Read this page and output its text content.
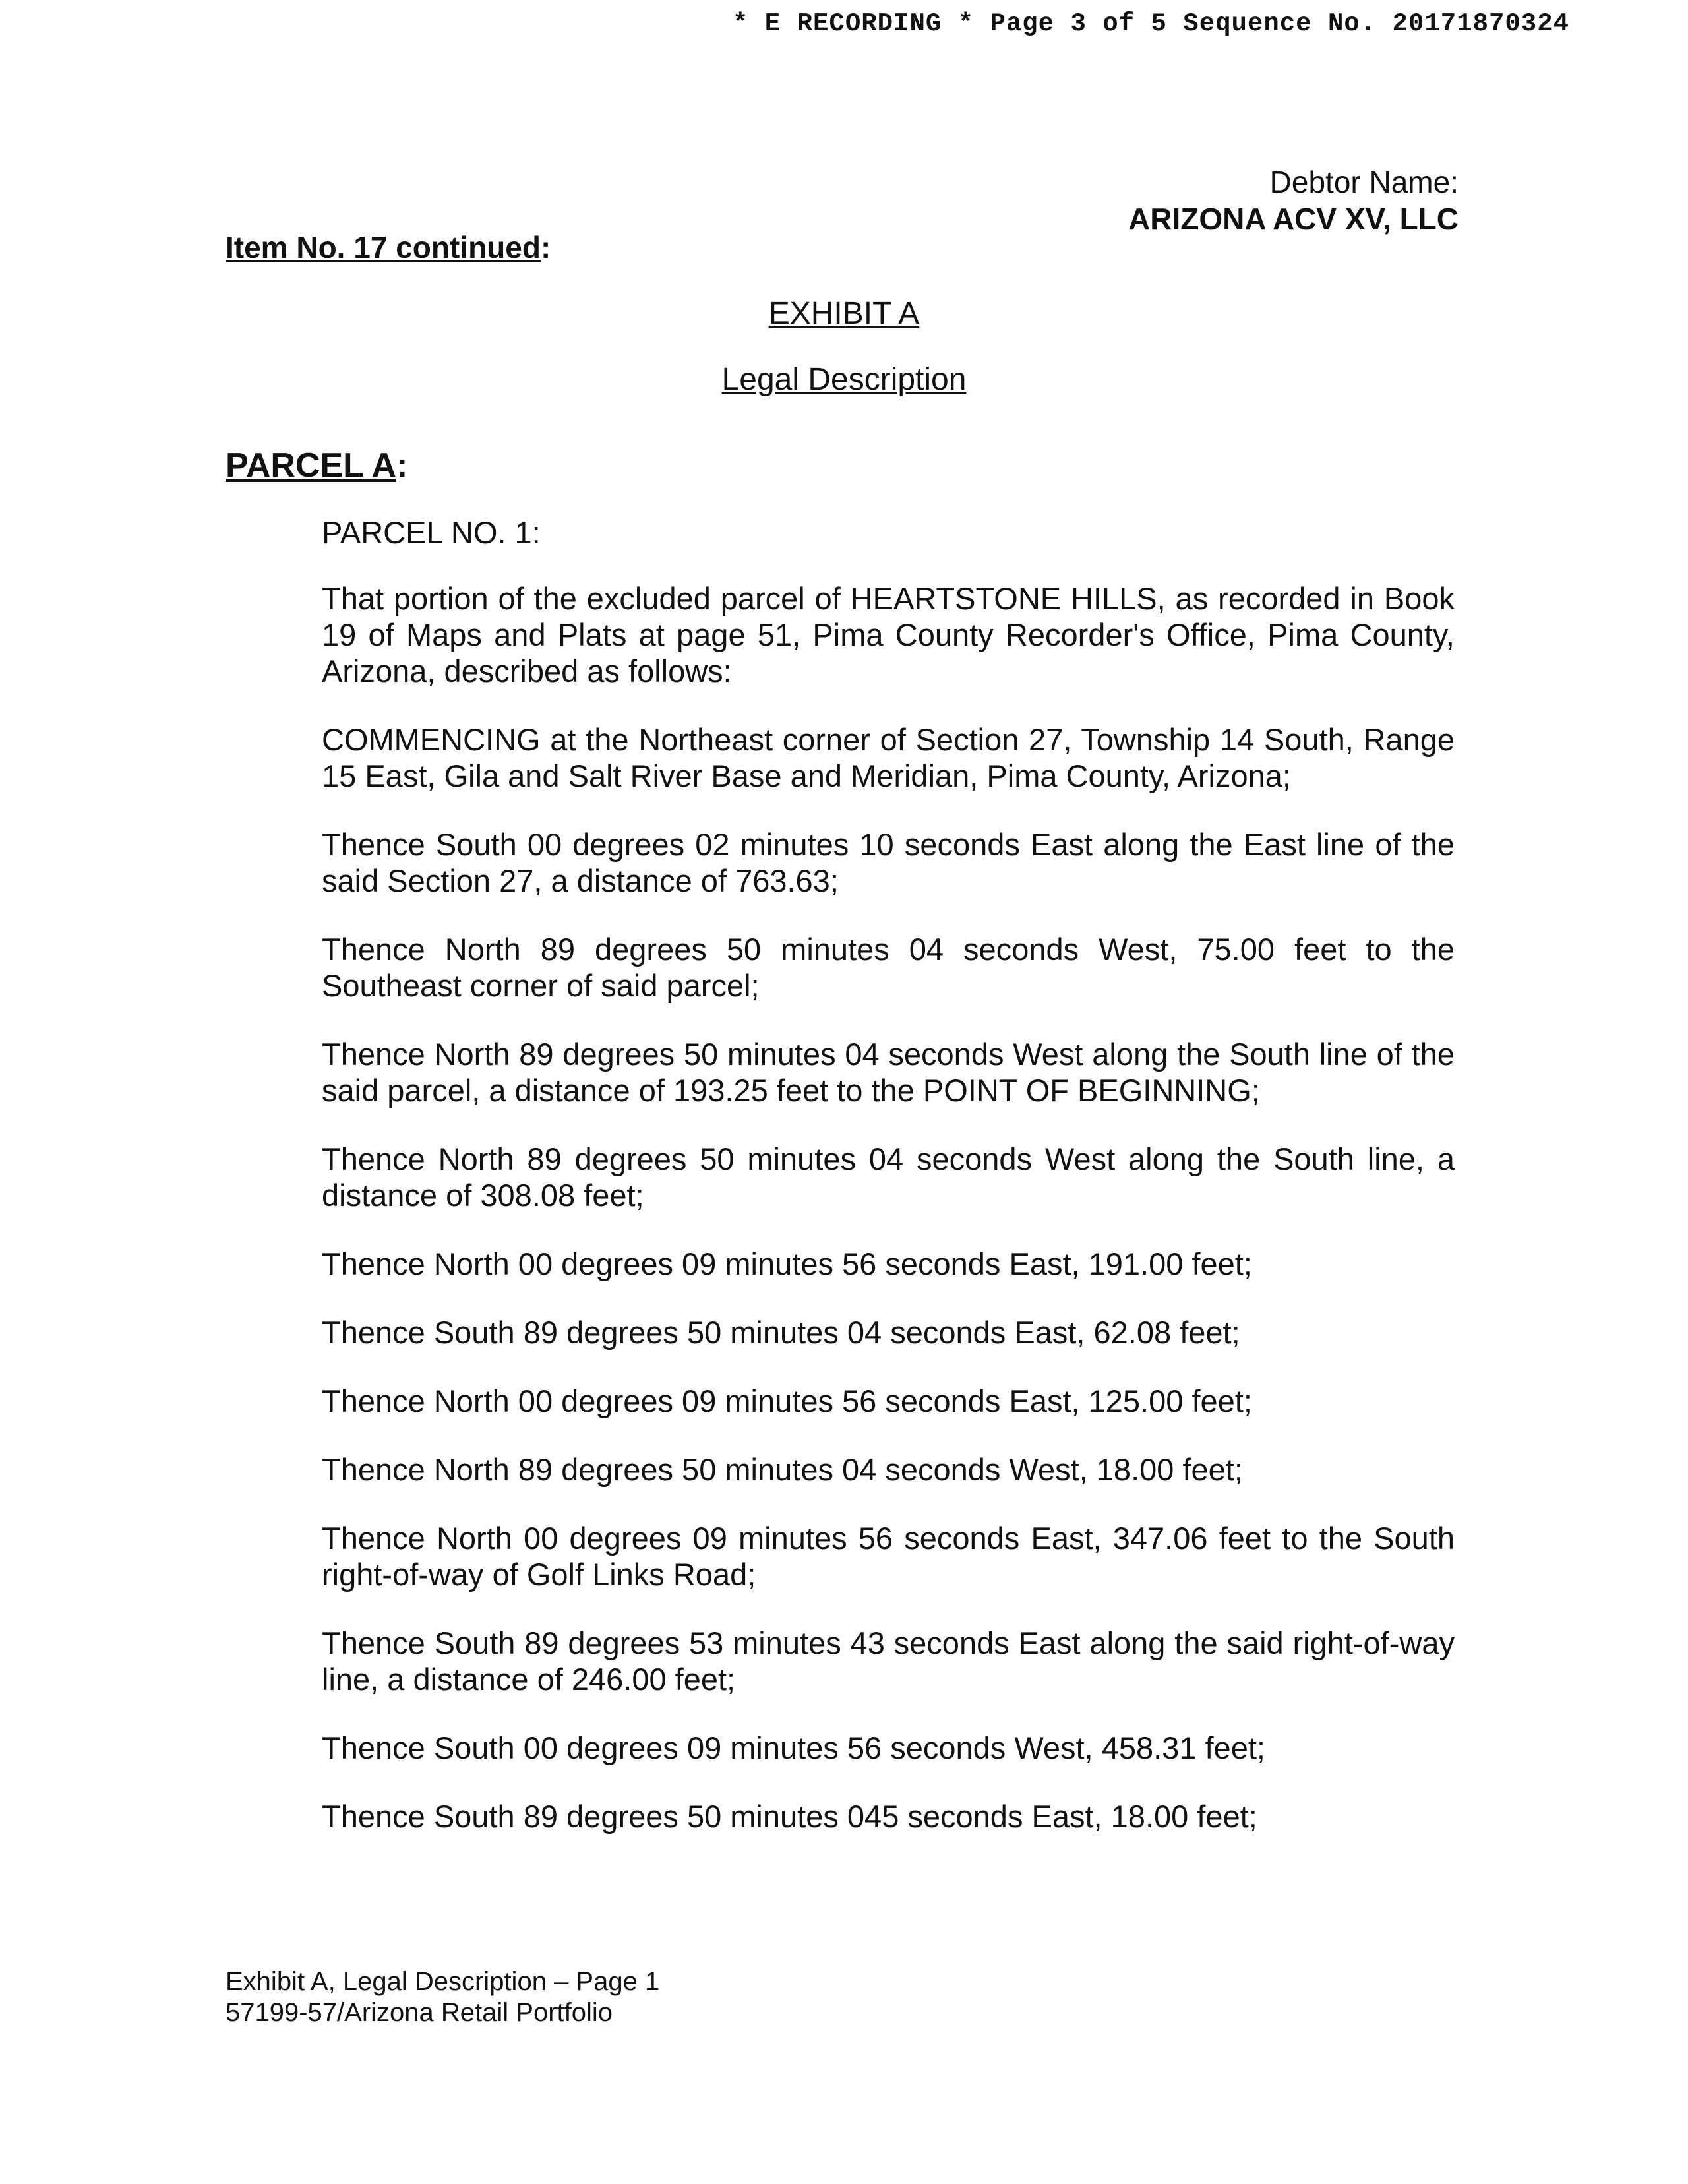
* E RECORDING * Page 3 of 5 Sequence No. 20171870324
Debtor Name:
ARIZONA ACV XV, LLC
Item No. 17 continued:
EXHIBIT A
Legal Description
PARCEL A:

PARCEL NO. 1:

That portion of the excluded parcel of HEARTSTONE HILLS, as recorded in Book 19 of Maps and Plats at page 51, Pima County Recorder's Office, Pima County, Arizona, described as follows:

COMMENCING at the Northeast corner of Section 27, Township 14 South, Range 15 East, Gila and Salt River Base and Meridian, Pima County, Arizona;

Thence South 00 degrees 02 minutes 10 seconds East along the East line of the said Section 27, a distance of 763.63;

Thence North 89 degrees 50 minutes 04 seconds West, 75.00 feet to the Southeast corner of said parcel;

Thence North 89 degrees 50 minutes 04 seconds West along the South line of the said parcel, a distance of 193.25 feet to the POINT OF BEGINNING;

Thence North 89 degrees 50 minutes 04 seconds West along the South line, a distance of 308.08 feet;

Thence North 00 degrees 09 minutes 56 seconds East, 191.00 feet;

Thence South 89 degrees 50 minutes 04 seconds East, 62.08 feet;

Thence North 00 degrees 09 minutes 56 seconds East, 125.00 feet;

Thence North 89 degrees 50 minutes 04 seconds West, 18.00 feet;

Thence North 00 degrees 09 minutes 56 seconds East, 347.06 feet to the South right-of-way of Golf Links Road;

Thence South 89 degrees 53 minutes 43 seconds East along the said right-of-way line, a distance of 246.00 feet;

Thence South 00 degrees 09 minutes 56 seconds West, 458.31 feet;

Thence South 89 degrees 50 minutes 045 seconds East, 18.00 feet;

Exhibit A, Legal Description – Page 1
57199-57/Arizona Retail Portfolio
